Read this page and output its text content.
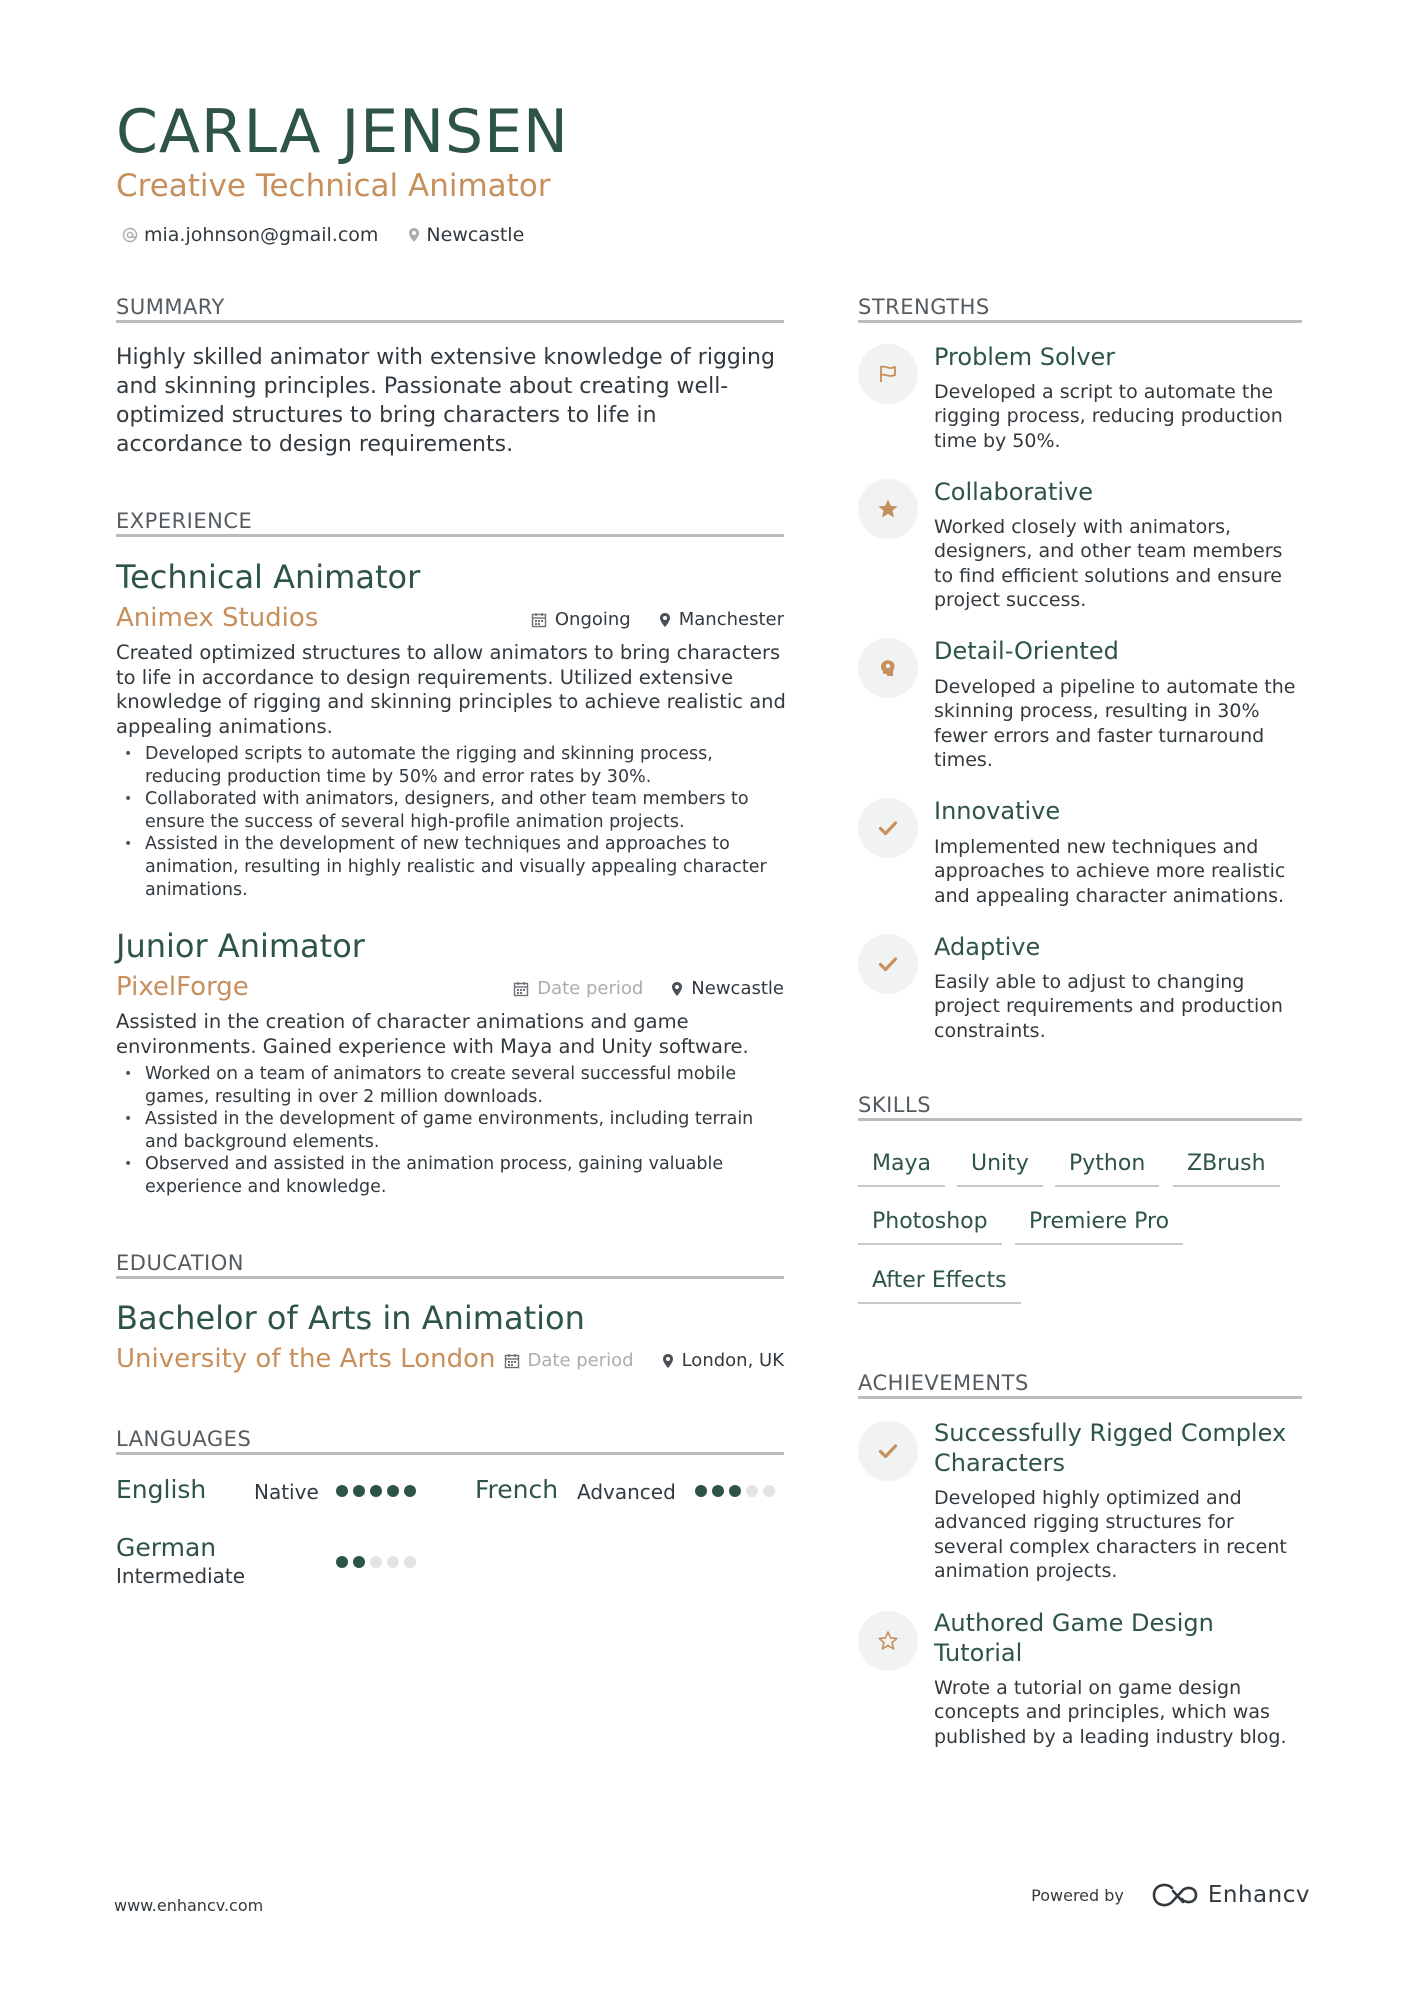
CARLA JENSEN
Creative Technical Animator
mia.johnson@gmail.com	Newcastle
SUMMARY
Highly skilled animator with extensive knowledge of rigging and skinning principles. Passionate about creating well-optimized structures to bring characters to life in accordance to design requirements.
EXPERIENCE
Technical Animator
Animex Studios	Ongoing	Manchester
Created optimized structures to allow animators to bring characters to life in accordance to design requirements. Utilized extensive knowledge of rigging and skinning principles to achieve realistic and appealing animations.
• Developed scripts to automate the rigging and skinning process, reducing production time by 50% and error rates by 30%.
• Collaborated with animators, designers, and other team members to ensure the success of several high-profile animation projects.
• Assisted in the development of new techniques and approaches to animation, resulting in highly realistic and visually appealing character animations.
Junior Animator
PixelForge	Date period	Newcastle
Assisted in the creation of character animations and game environments. Gained experience with Maya and Unity software.
• Worked on a team of animators to create several successful mobile games, resulting in over 2 million downloads.
• Assisted in the development of game environments, including terrain and background elements.
• Observed and assisted in the animation process, gaining valuable experience and knowledge.
EDUCATION
Bachelor of Arts in Animation
University of the Arts London Date period	London, UK
LANGUAGES
English Native	French Advanced
German
Intermediate
STRENGTHS
Problem Solver
Developed a script to automate the rigging process, reducing production time by 50%.
Collaborative
Worked closely with animators, designers, and other team members to find efficient solutions and ensure project success.
Detail-Oriented
Developed a pipeline to automate the skinning process, resulting in 30% fewer errors and faster turnaround times.
Innovative
Implemented new techniques and approaches to achieve more realistic and appealing character animations.
Adaptive
Easily able to adjust to changing project requirements and production constraints.
SKILLS
Maya	Unity	Python	ZBrush
Photoshop	Premiere Pro
After Effects
ACHIEVEMENTS
Successfully Rigged Complex Characters
Developed highly optimized and advanced rigging structures for several complex characters in recent animation projects.
Authored Game Design Tutorial
Wrote a tutorial on game design concepts and principles, which was published by a leading industry blog.
www.enhancv.com
Powered by	Enhancv
